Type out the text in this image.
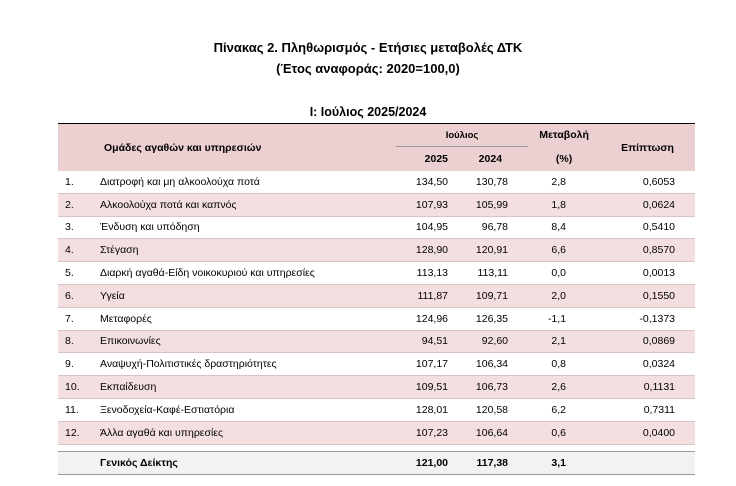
Πίνακας 2. Πληθωρισμός - Ετήσιες μεταβολές ΔΤΚ
(Έτος αναφοράς: 2020=100,0)
Ι: Ιούλιος 2025/2024
Ομάδες αγαθών και υπηρεσιών		Ιούλιος		Μεταβολή	Επίπτωση
		2025	2024	(%)	
1.	Διατροφή και μη αλκοολούχα ποτά	134,50	130,78	2,8	0,6053
2.	Αλκοολούχα ποτά και καπνός	107,93	105,99	1,8	0,0624
3.	Ένδυση και υπόδηση	104,95	96,78	8,4	0,5410
4.	Στέγαση	128,90	120,91	6,6	0,8570
5.	Διαρκή αγαθά-Είδη νοικοκυριού και υπηρεσίες	113,13	113,11	0,0	0,0013
6.	Υγεία	111,87	109,71	2,0	0,1550
7.	Μεταφορές	124,96	126,35	-1,1	-0,1373
8.	Επικοινωνίες	94,51	92,60	2,1	0,0869
9.	Αναψυχή-Πολιτιστικές δραστηριότητες	107,17	106,34	0,8	0,0324
10.	Εκπαίδευση	109,51	106,73	2,6	0,1131
11.	Ξενοδοχεία-Καφέ-Εστιατόρια	128,01	120,58	6,2	0,7311
12.	Άλλα αγαθά και υπηρεσίες	107,23	106,64	0,6	0,0400

	Γενικός Δείκτης	121,00	117,38	3,1	
